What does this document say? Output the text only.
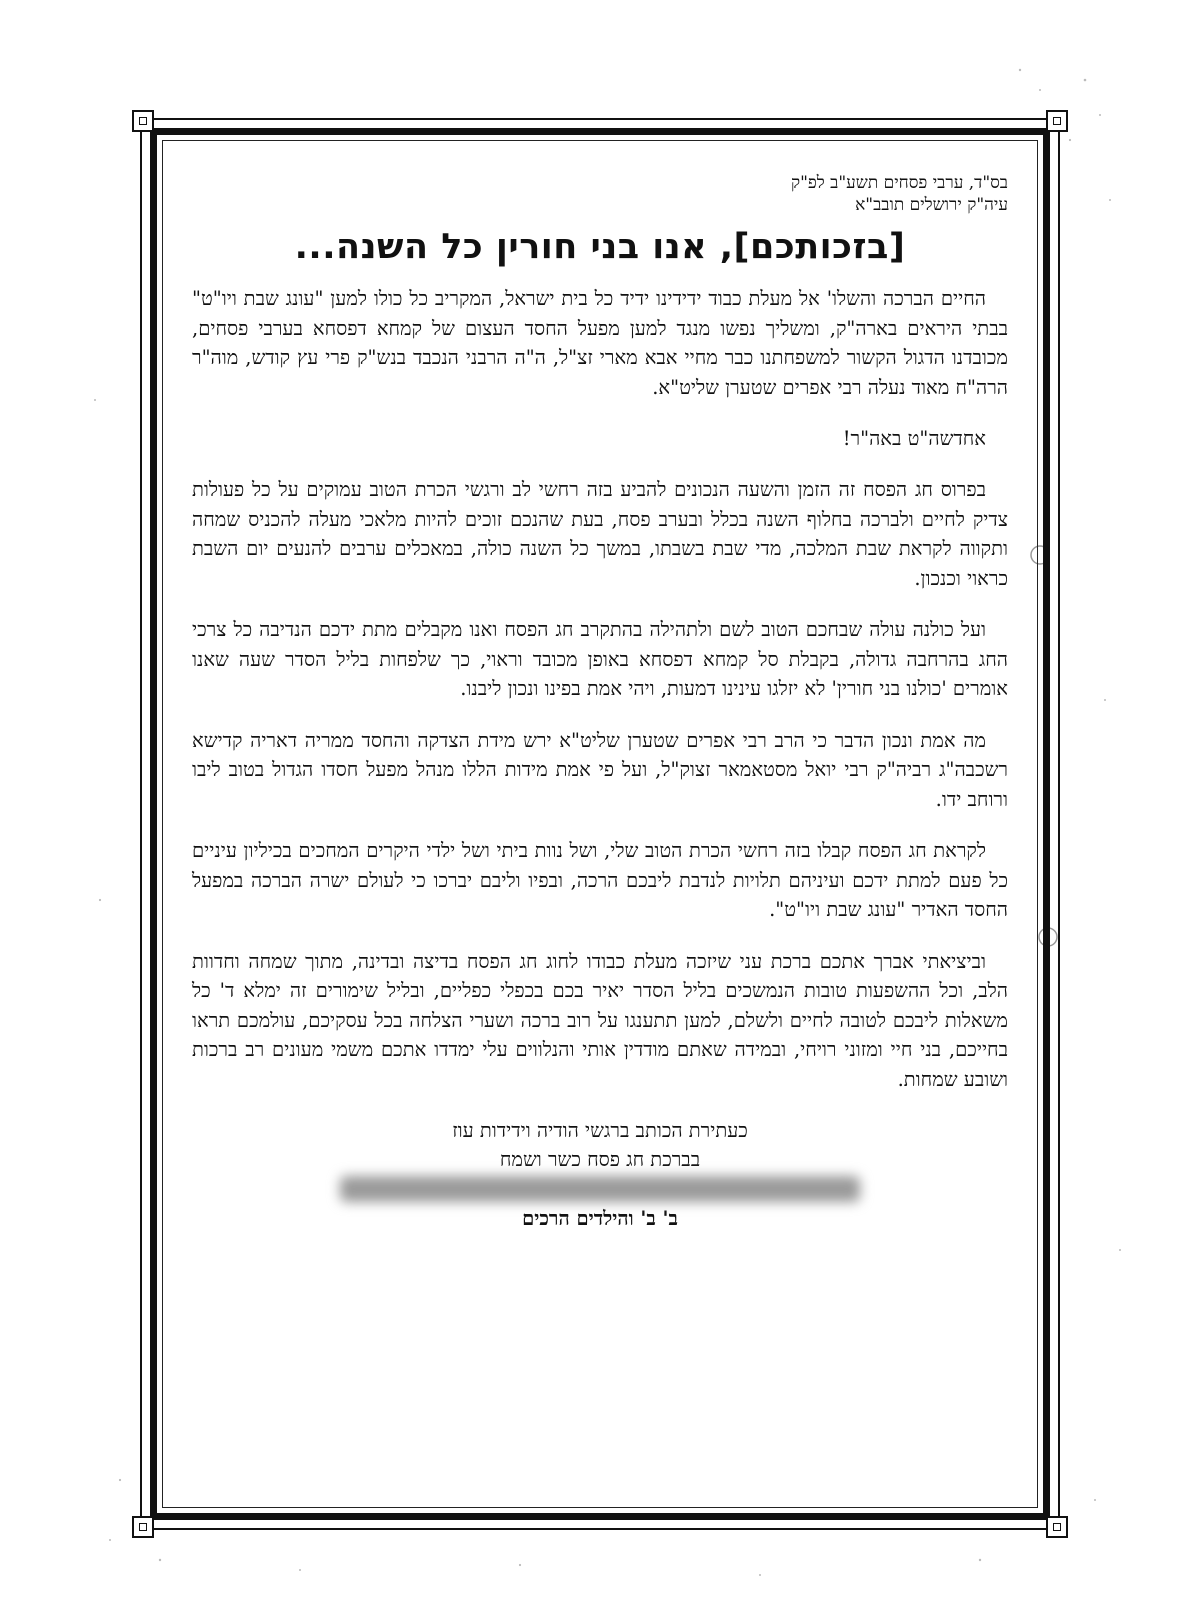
בס"ד, ערבי פסחים תשע"ב לפ"ק

עיה"ק ירושלים תובב"א

[בזכותכם], אנו בני חורין כל השנה...

החיים הברכה והשלו' אל מעלת כבוד ידידינו ידיד כל בית ישראל, המקריב כל כולו למען "עונג שבת ויו"ט" בבתי היראים בארה"ק, ומשליך נפשו מנגד למען מפעל החסד העצום של קמחא דפסחא בערבי פסחים, מכובדנו הדגול הקשור למשפחתנו כבר מחיי אבא מארי זצ"ל, ה"ה הרבני הנכבד בנש"ק פרי עץ קודש, מוה"ר הרה"ח מאוד נעלה רבי אפרים שטערן שליט"א.

אחדשה"ט באה"ר!

בפרוס חג הפסח זה הזמן והשעה הנכונים להביע בזה רחשי לב ורגשי הכרת הטוב עמוקים על כל פעולות צדיק לחיים ולברכה בחלוף השנה בכלל ובערב פסח, בעת שהנכם זוכים להיות מלאכי מעלה להכניס שמחה ותקווה לקראת שבת המלכה, מדי שבת בשבתו, במשך כל השנה כולה, במאכלים ערבים להנעים יום השבת כראוי וכנכון.

ועל כולנה עולה שבחכם הטוב לשם ולתהילה בהתקרב חג הפסח ואנו מקבלים מתת ידכם הנדיבה כל צרכי החג בהרחבה גדולה, בקבלת סל קמחא דפסחא באופן מכובד וראוי, כך שלפחות בליל הסדר שעה שאנו אומרים 'כולנו בני חורין' לא יזלגו עינינו דמעות, ויהי אמת בפינו ונכון ליבנו.

מה אמת ונכון הדבר כי הרב רבי אפרים שטערן שליט"א ירש מידת הצדקה והחסד ממריה דאריה קדישא רשכבה"ג רביה"ק רבי יואל מסטאמאר זצוק"ל, ועל פי אמת מידות הללו מנהל מפעל חסדו הגדול בטוב ליבו ורוחב ידו.

לקראת חג הפסח קבלו בזה רחשי הכרת הטוב שלי, ושל נוות ביתי ושל ילדי היקרים המחכים בכיליון עיניים כל פעם למתת ידכם ועיניהם תלויות לנדבת ליבכם הרכה, ובפיו וליבם יברכו כי לעולם ישרה הברכה במפעל החסד האדיר "עונג שבת ויו"ט".

וביציאתי אברך אתכם ברכת עני שיזכה מעלת כבודו לחוג חג הפסח בדיצה ובדינה, מתוך שמחה וחדוות הלב, וכל ההשפעות טובות הנמשכים בליל הסדר יאיר בכם בכפלי כפליים, ובליל שימורים זה ימלא ד' כל משאלות ליבכם לטובה לחיים ולשלם, למען תתענגו על רוב ברכה ושערי הצלחה בכל עסקיכם, עולמכם תראו בחייכם, בני חיי ומזוני רויחי, ובמידה שאתם מודדין אותי והנלווים עלי ימדדו אתכם משמי מעונים רב ברכות ושובע שמחות.

כעתירת הכותב ברגשי הודיה וידידות עוז

בברכת חג פסח כשר ושמח

ב' ב' והילדים הרכים
